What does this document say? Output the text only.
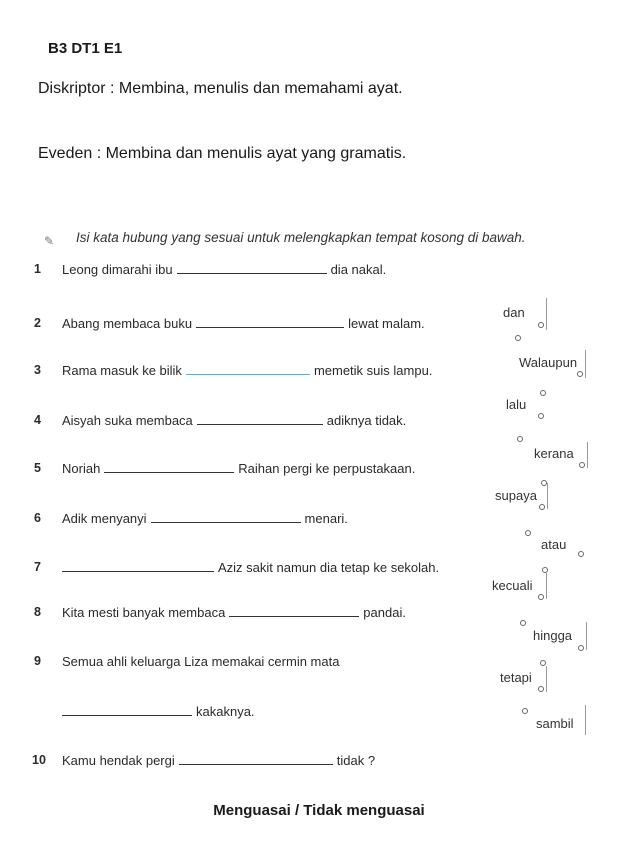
B3 DT1 E1
Diskriptor : Membina, menulis dan memahami ayat.
Eveden : Membina dan menulis ayat yang gramatis.
✎ Isi kata hubung yang sesuai untuk melengkapkan tempat kosong di bawah.
1 Leong dimarahi ibu	dia nakal.
2 Abang membaca buku	lewat malam.
3 Rama masuk ke bilik	memetik suis lampu.
4 Aisyah suka membaca	adiknya tidak.
5 Noriah	Raihan pergi ke perpustakaan.
6 Adik menyanyi	menari.
7	Aziz sakit namun dia tetap ke sekolah.
8 Kita mesti banyak membaca	pandai.
9 Semua ahli keluarga Liza memakai cermin mata
kakaknya.
10 Kamu hendak pergi	tidak ?
dan
Walaupun
lalu
kerana
supaya
atau
kecuali
hingga
tetapi
sambil
Menguasai / Tidak menguasai
